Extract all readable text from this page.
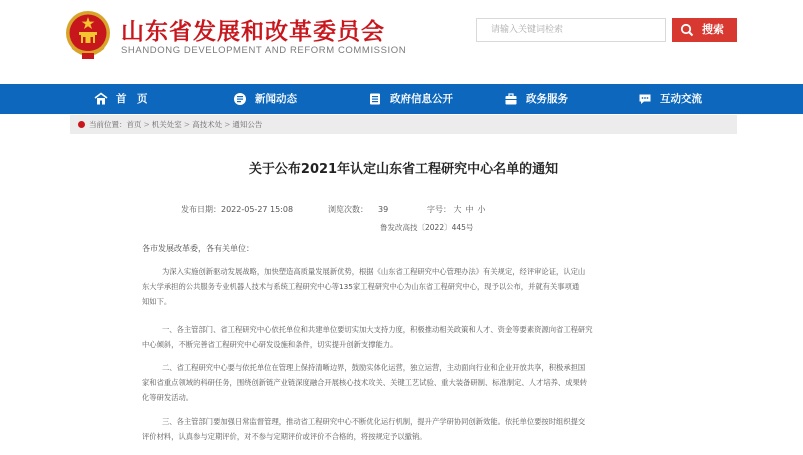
山东省发展和改革委员会
SHANDONG DEVELOPMENT AND REFORM COMMISSION
请输入关键词检索
搜索
首　页	新闻动态	政府信息公开	政务服务	互动交流
当前位置：首页 > 机关处室 > 高技术处 > 通知公告
关于公布2021年认定山东省工程研究中心名单的通知
发布日期：2022-05-27 15:08	浏览次数： 39	字号： 大 中 小
鲁发改高技〔2022〕445号
各市发展改革委，各有关单位：
为深入实施创新驱动发展战略，加快塑造高质量发展新优势，根据《山东省工程研究中心管理办法》有关规定，经评审论证，认定山
东大学承担的公共服务专业机器人技术与系统工程研究中心等135家工程研究中心为山东省工程研究中心，现予以公布，并就有关事项通
知如下。
一、各主管部门、省工程研究中心依托单位和共建单位要切实加大支持力度，积极推动相关政策和人才、资金等要素资源向省工程研究
中心倾斜，不断完善省工程研究中心研发设施和条件，切实提升创新支撑能力。
二、省工程研究中心要与依托单位在管理上保持清晰边界，鼓励实体化运营，独立运营，主动面向行业和企业开放共享，积极承担国
家和省重点领域的科研任务，围绕创新链产业链深度融合开展核心技术攻关、关键工艺试验、重大装备研制、标准制定、人才培养、成果转
化等研发活动。
三、各主管部门要加强日常监督管理，推动省工程研究中心不断优化运行机制，提升产学研协同创新效能。依托单位要按时组织提交
评价材料，认真参与定期评价，对不参与定期评价或评价不合格的，将按规定予以撤销。
